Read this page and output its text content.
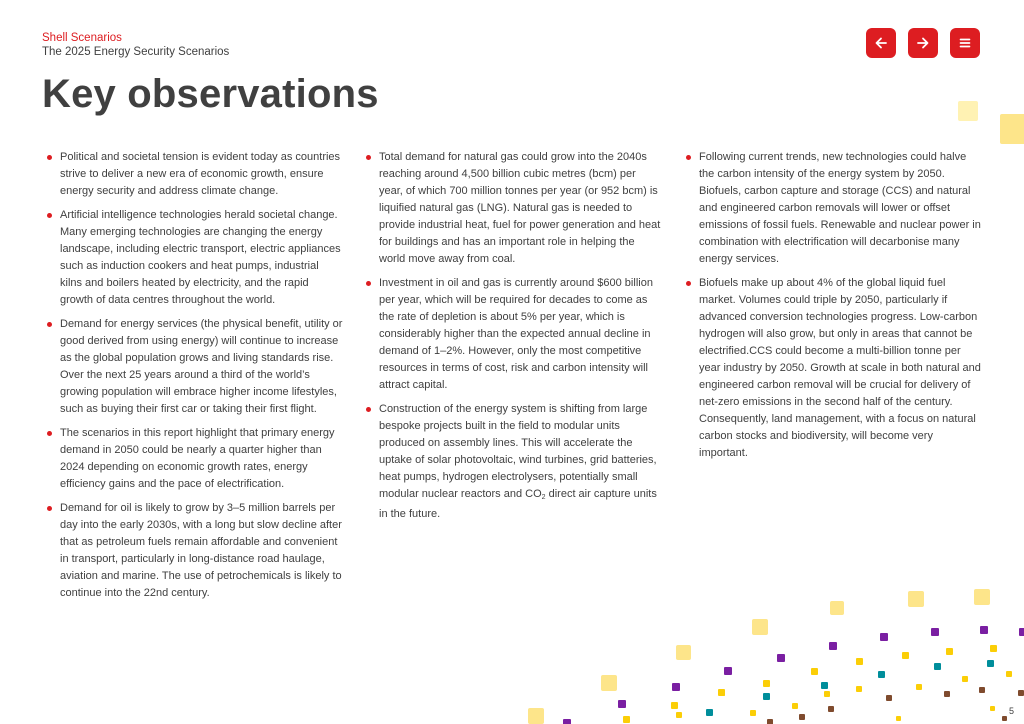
Shell Scenarios
The 2025 Energy Security Scenarios
Key observations
Political and societal tension is evident today as countries strive to deliver a new era of economic growth, ensure energy security and address climate change.
Artificial intelligence technologies herald societal change. Many emerging technologies are changing the energy landscape, including electric transport, electric appliances such as induction cookers and heat pumps, industrial kilns and boilers heated by electricity, and the rapid growth of data centres throughout the world.
Demand for energy services (the physical benefit, utility or good derived from using energy) will continue to increase as the global population grows and living standards rise. Over the next 25 years around a third of the world’s growing population will embrace higher income lifestyles, such as buying their first car or taking their first flight.
The scenarios in this report highlight that primary energy demand in 2050 could be nearly a quarter higher than 2024 depending on economic growth rates, energy efficiency gains and the pace of electrification.
Demand for oil is likely to grow by 3–5 million barrels per day into the early 2030s, with a long but slow decline after that as petroleum fuels remain affordable and convenient in transport, particularly in long-distance road haulage, aviation and marine. The use of petrochemicals is likely to continue into the 22nd century.
Total demand for natural gas could grow into the 2040s reaching around 4,500 billion cubic metres (bcm) per year, of which 700 million tonnes per year (or 952 bcm) is liquified natural gas (LNG). Natural gas is needed to provide industrial heat, fuel for power generation and heat for buildings and has an important role in helping the world move away from coal.
Investment in oil and gas is currently around $600 billion per year, which will be required for decades to come as the rate of depletion is about 5% per year, which is considerably higher than the expected annual decline in demand of 1–2%. However, only the most competitive resources in terms of cost, risk and carbon intensity will attract capital.
Construction of the energy system is shifting from large bespoke projects built in the field to modular units produced on assembly lines. This will accelerate the uptake of solar photovoltaic, wind turbines, grid batteries, heat pumps, hydrogen electrolysers, potentially small modular nuclear reactors and $CO_2$ direct air capture units in the future.
Following current trends, new technologies could halve the carbon intensity of the energy system by 2050. Biofuels, carbon capture and storage (CCS) and natural and engineered carbon removals will lower or offset emissions of fossil fuels. Renewable and nuclear power in combination with electrification will decarbonise many energy services.
Biofuels make up about 4% of the global liquid fuel market. Volumes could triple by 2050, particularly if advanced conversion technologies progress. Low-carbon hydrogen will also grow, but only in areas that cannot be electrified.CCS could become a multi-billion tonne per year industry by 2050. Growth at scale in both natural and engineered carbon removal will be crucial for delivery of net-zero emissions in the second half of the century. Consequently, land management, with a focus on natural carbon stocks and biodiversity, will become very important.
5
